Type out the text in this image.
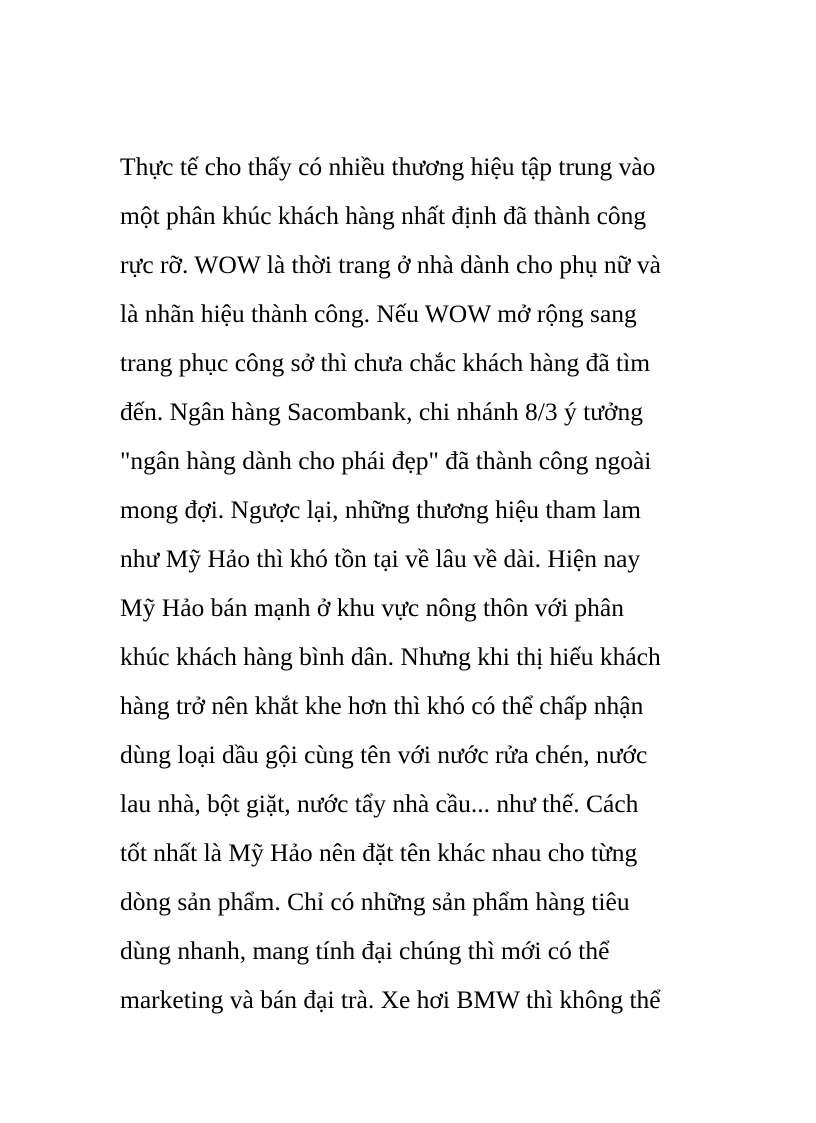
Thực tế cho thấy có nhiều thương hiệu tập trung vào
một phân khúc khách hàng nhất định đã thành công
rực rỡ. WOW là thời trang ở nhà dành cho phụ nữ và
là nhãn hiệu thành công. Nếu WOW mở rộng sang
trang phục công sở thì chưa chắc khách hàng đã tìm
đến. Ngân hàng Sacombank, chi nhánh 8/3 ý tưởng
"ngân hàng dành cho phái đẹp" đã thành công ngoài
mong đợi. Ngược lại, những thương hiệu tham lam
như Mỹ Hảo thì khó tồn tại về lâu về dài. Hiện nay
Mỹ Hảo bán mạnh ở khu vực nông thôn với phân
khúc khách hàng bình dân. Nhưng khi thị hiếu khách
hàng trở nên khắt khe hơn thì khó có thể chấp nhận
dùng loại dầu gội cùng tên với nước rửa chén, nước
lau nhà, bột giặt, nước tẩy nhà cầu... như thế. Cách
tốt nhất là Mỹ Hảo nên đặt tên khác nhau cho từng
dòng sản phẩm. Chỉ có những sản phẩm hàng tiêu
dùng nhanh, mang tính đại chúng thì mới có thể
marketing và bán đại trà. Xe hơi BMW thì không thể
